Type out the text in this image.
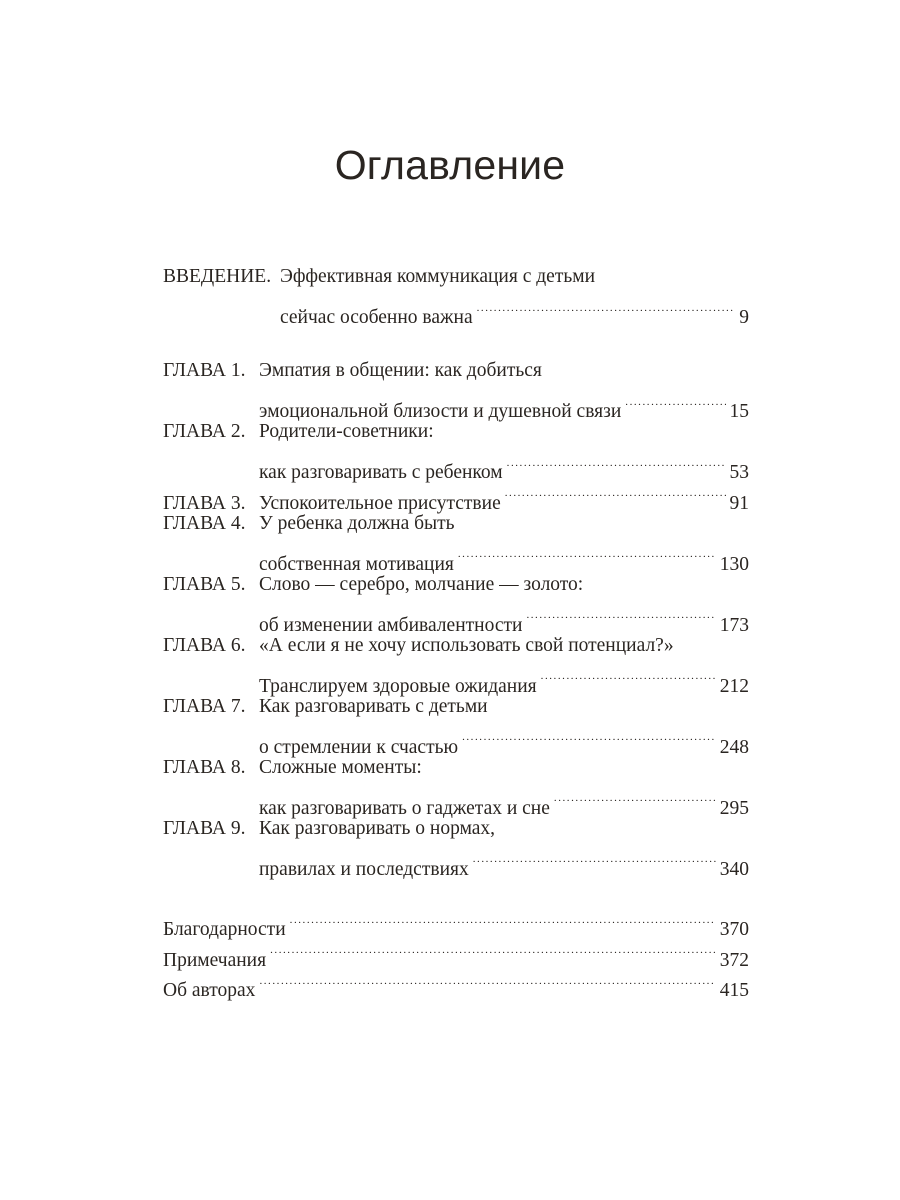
Оглавление
ВВЕДЕНИЕ. Эффективная коммуникация с детьми
сейчас особенно важна . . .	9
ГЛАВА 1. Эмпатия в общении: как добиться
эмоциональной близости и душевной связи . . .	15
ГЛАВА 2. Родители-советники:
как разговаривать с ребенком . . .	53
ГЛАВА 3. Успокоительное присутствие . . .	91
ГЛАВА 4. У ребенка должна быть
собственная мотивация . . .	130
ГЛАВА 5. Слово — серебро, молчание — золото:
об изменении амбивалентности . . .	173
ГЛАВА 6. «А если я не хочу использовать свой потенциал?»
Транслируем здоровые ожидания . . .	212
ГЛАВА 7. Как разговаривать с детьми
о стремлении к счастью . . .	248
ГЛАВА 8. Сложные моменты:
как разговаривать о гаджетах и сне . . .	295
ГЛАВА 9. Как разговаривать о нормах,
правилах и последствиях . . .	340
Благодарности . . .	370
Примечания . . .	372
Об авторах . . .	415
